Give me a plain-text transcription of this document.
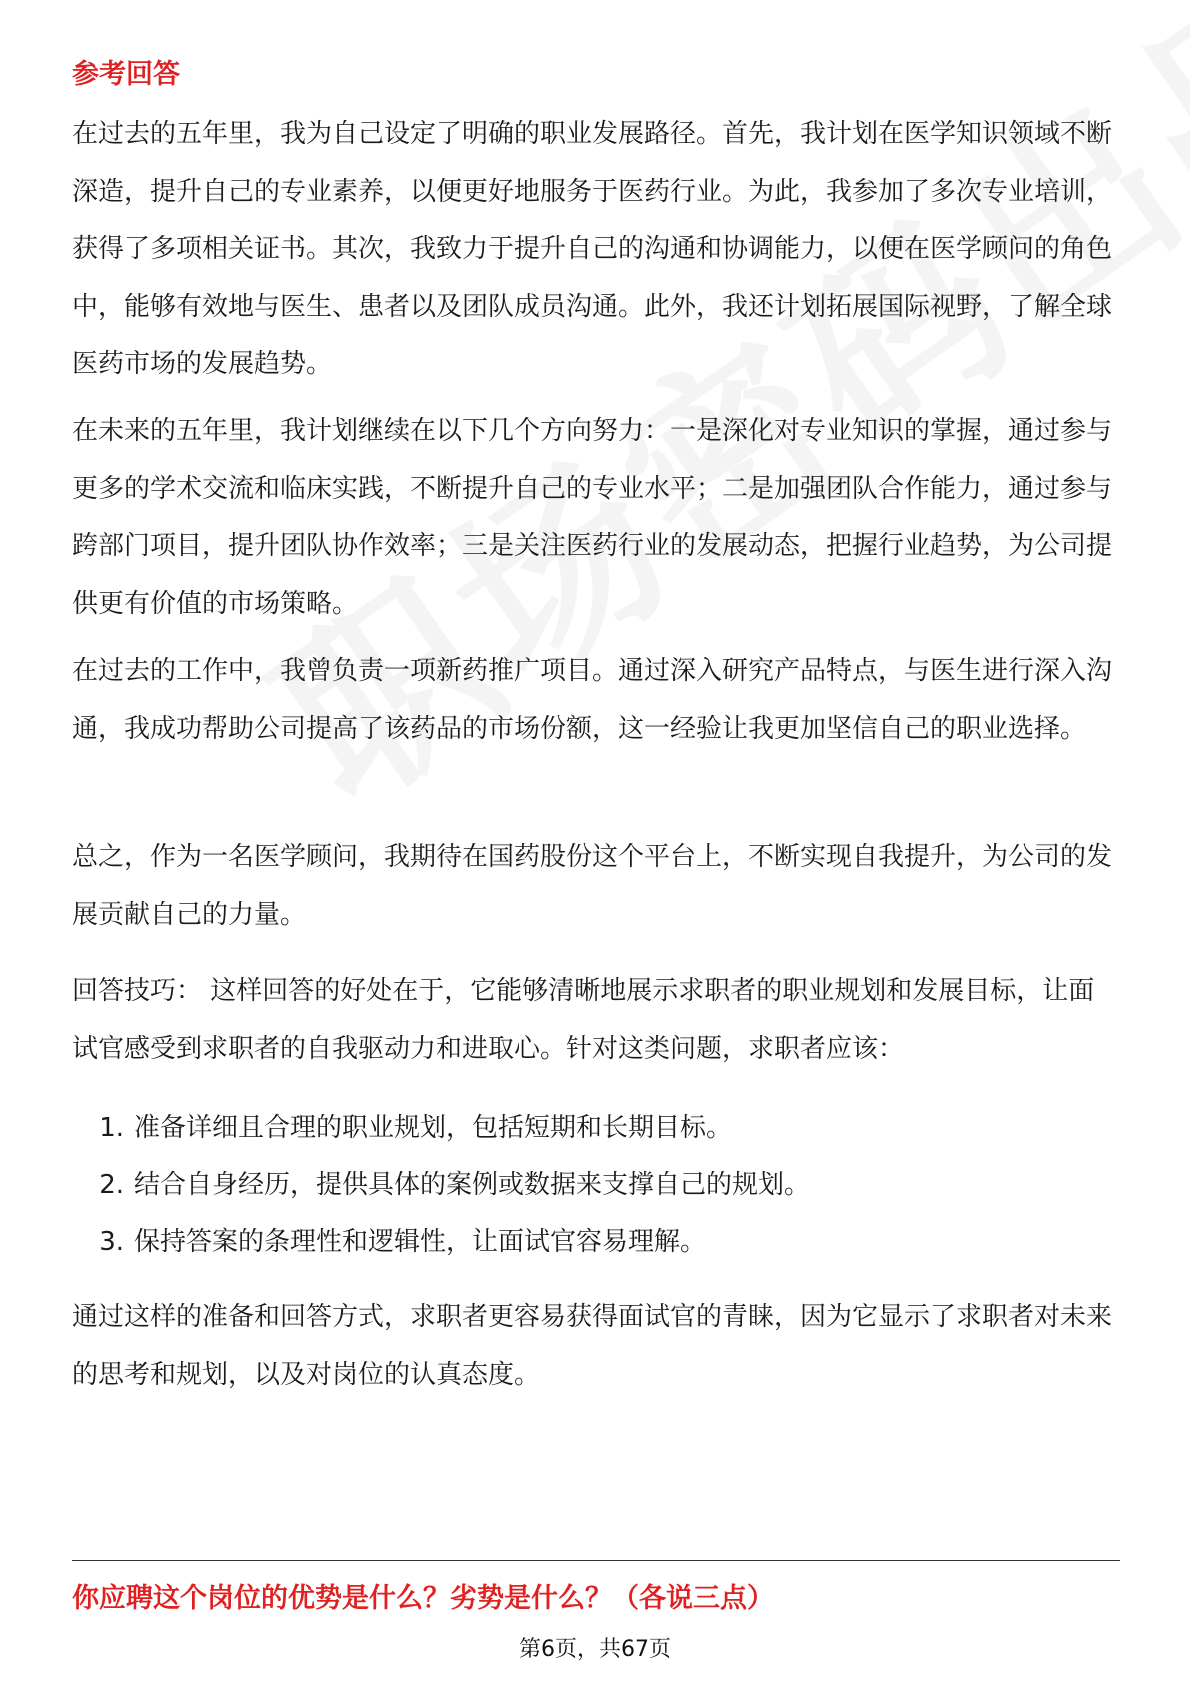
参考回答

在过去的五年里，我为自己设定了明确的职业发展路径。首先，我计划在医学知识领域不断深造，提升自己的专业素养，以便更好地服务于医药行业。为此，我参加了多次专业培训，获得了多项相关证书。其次，我致力于提升自己的沟通和协调能力，以便在医学顾问的角色中，能够有效地与医生、患者以及团队成员沟通。此外，我还计划拓展国际视野，了解全球医药市场的发展趋势。

在未来的五年里，我计划继续在以下几个方向努力：一是深化对专业知识的掌握，通过参与更多的学术交流和临床实践，不断提升自己的专业水平；二是加强团队合作能力，通过参与跨部门项目，提升团队协作效率；三是关注医药行业的发展动态，把握行业趋势，为公司提供更有价值的市场策略。

在过去的工作中，我曾负责一项新药推广项目。通过深入研究产品特点，与医生进行深入沟通，我成功帮助公司提高了该药品的市场份额，这一经验让我更加坚信自己的职业选择。

总之，作为一名医学顾问，我期待在国药股份这个平台上，不断实现自我提升，为公司的发展贡献自己的力量。

回答技巧： 这样回答的好处在于，它能够清晰地展示求职者的职业规划和发展目标，让面试官感受到求职者的自我驱动力和进取心。针对这类问题，求职者应该：

1. 准备详细且合理的职业规划，包括短期和长期目标。
2. 结合自身经历，提供具体的案例或数据来支撑自己的规划。
3. 保持答案的条理性和逻辑性，让面试官容易理解。

通过这样的准备和回答方式，求职者更容易获得面试官的青睐，因为它显示了求职者对未来的思考和规划，以及对岗位的认真态度。

你应聘这个岗位的优势是什么？劣势是什么？（各说三点）
第6页，共67页
